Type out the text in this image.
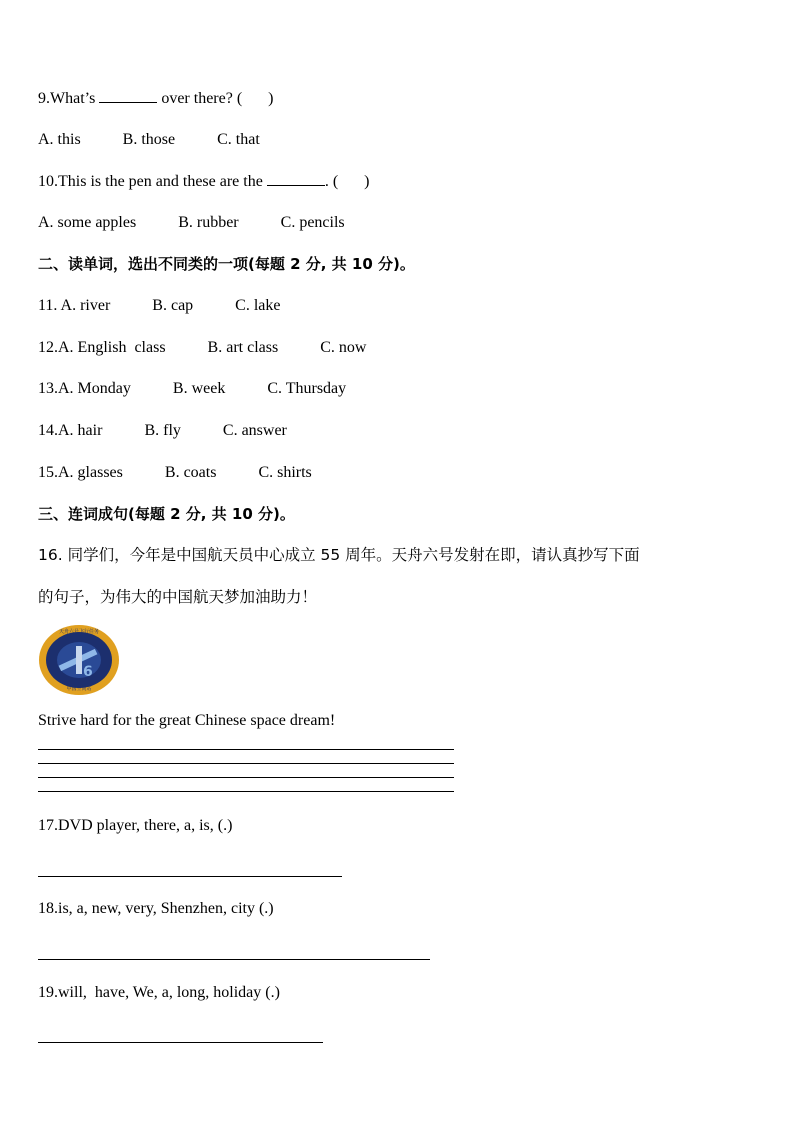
9.What’s	over there? ( )
A. this	B. those	C. that
10.This is the pen and these are the	. ( )
A. some apples	B. rubber	C. pencils
二、读单词，选出不同类的一项(每题 2 分, 共 10 分)。
11. A. river	B. cap	C. lake
12.A. English  class	B. art class	C. now
13.A. Monday	B. week	C. Thursday
14.A. hair	B. fly	C. answer
15.A. glasses	B. coats	C. shirts
三、连词成句(每题 2 分, 共 10 分)。
16. 同学们，今年是中国航天员中心成立 55 周年。天舟六号发射在即，请认真抄写下面
的句子，为伟大的中国航天梦加油助力！
6
天舟六号飞行任务
中国空间站
Strive hard for the great Chinese space dream!
17.DVD player, there, a, is, (.)
18.is, a, new, very, Shenzhen, city (.)
19.will,  have, We, a, long, holiday (.)
